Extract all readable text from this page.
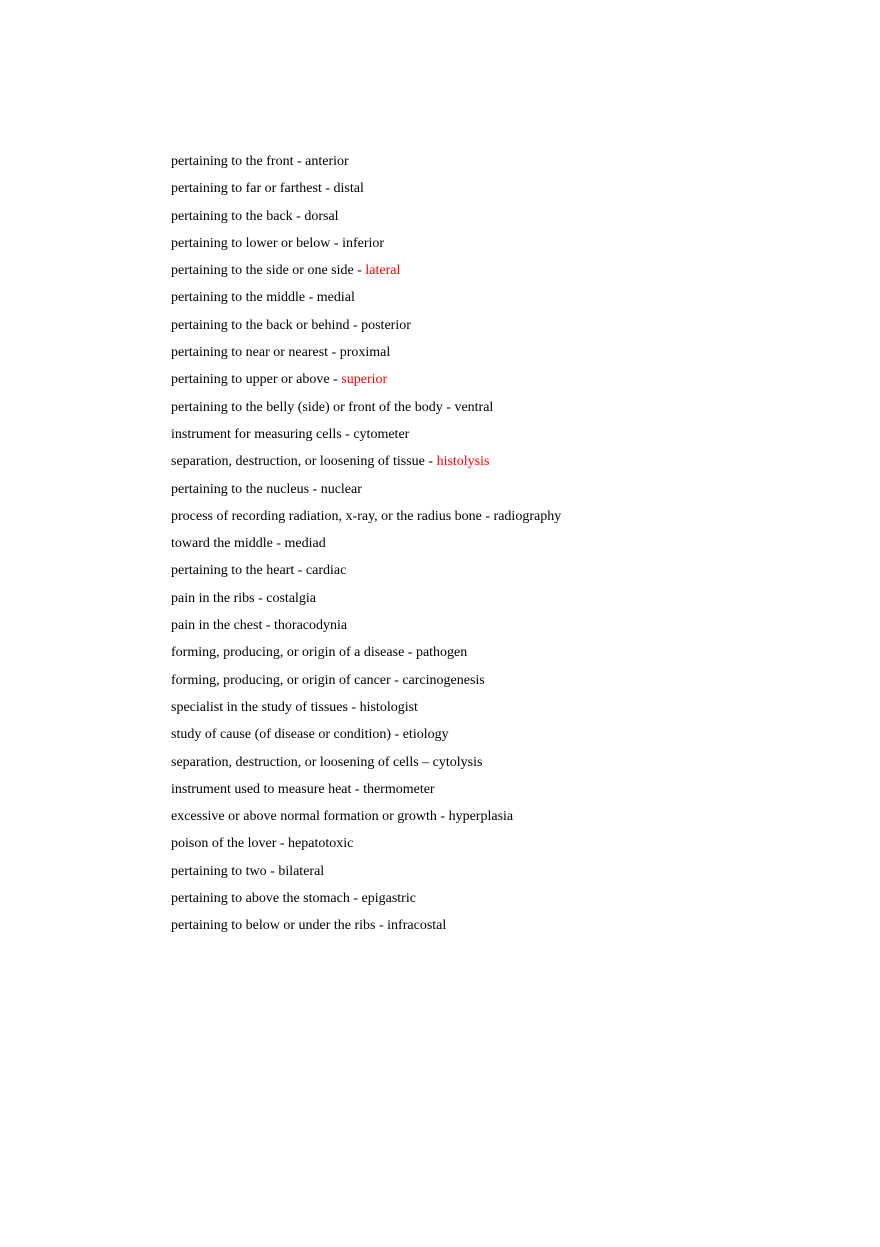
pertaining to the front - anterior
pertaining to far or farthest - distal
pertaining to the back - dorsal
pertaining to lower or below - inferior
pertaining to the side or one side - lateral
pertaining to the middle - medial
pertaining to the back or behind - posterior
pertaining to near or nearest - proximal
pertaining to upper or above - superior
pertaining to the belly (side) or front of the body - ventral
instrument for measuring cells - cytometer
separation, destruction, or loosening of tissue - histolysis
pertaining to the nucleus - nuclear
process of recording radiation, x-ray, or the radius bone - radiography
toward the middle - mediad
pertaining to the heart - cardiac
pain in the ribs - costalgia
pain in the chest - thoracodynia
forming, producing, or origin of a disease - pathogen
forming, producing, or origin of cancer - carcinogenesis
specialist in the study of tissues - histologist
study of cause (of disease or condition) - etiology
separation, destruction, or loosening of cells – cytolysis
instrument used to measure heat - thermometer
excessive or above normal formation or growth - hyperplasia
poison of the lover - hepatotoxic
pertaining to two - bilateral
pertaining to above the stomach - epigastric
pertaining to below or under the ribs - infracostal
